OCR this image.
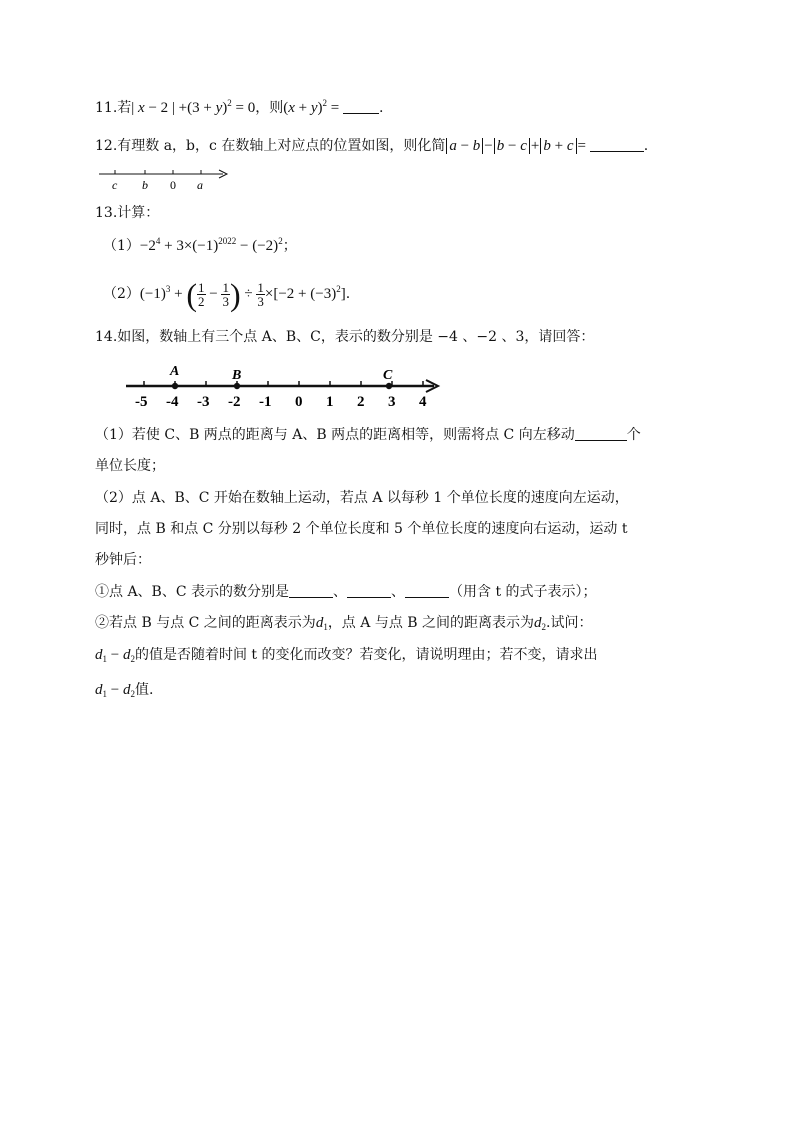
11.若| x − 2 | $+(3 + y)^2 = 0$，则$(x + y)^2$ =	.
12.有理数 a，b，c 在数轴上对应点的位置如图，则化简 a − b − b − c + b + c =	.
c b 0 a
13.计算：
$(1)-2^4 + 3\times(-1)^{2022} - (-2)^2$；
$(2)(-1)^3$ + ( $\frac{1}{2} - \frac{1}{3}$ ) ÷ $\frac{1}{3} \times[-2 + (-3)^2]$.
14.如图，数轴上有三个点 A、B、C，表示的数分别是 −4 、−2 、3，请回答：
-5 -4 -3 -2 -1 0 1 2 3 4
A	B	C
（1）若使 C、B 两点的距离与 A、B 两点的距离相等，则需将点 C 向左移动	个
单位长度；
（2）点 A、B、C 开始在数轴上运动，若点 A 以每秒 1 个单位长度的速度向左运动，
同时，点 B 和点 C 分别以每秒 2 个单位长度和 5 个单位长度的速度向右运动，运动 t
秒钟后：
①点 A、B、C 表示的数分别是	、	、	（用含 t 的式子表示）；
②若点 B 与点 C 之间的距离表示为$d_1$，点 A 与点 B 之间的距离表示为$d_2$.试问：
$d_1 - d_2$的值是否随着时间 t 的变化而改变？若变化，请说明理由；若不变，请求出
$d_1 - d_2$值.
